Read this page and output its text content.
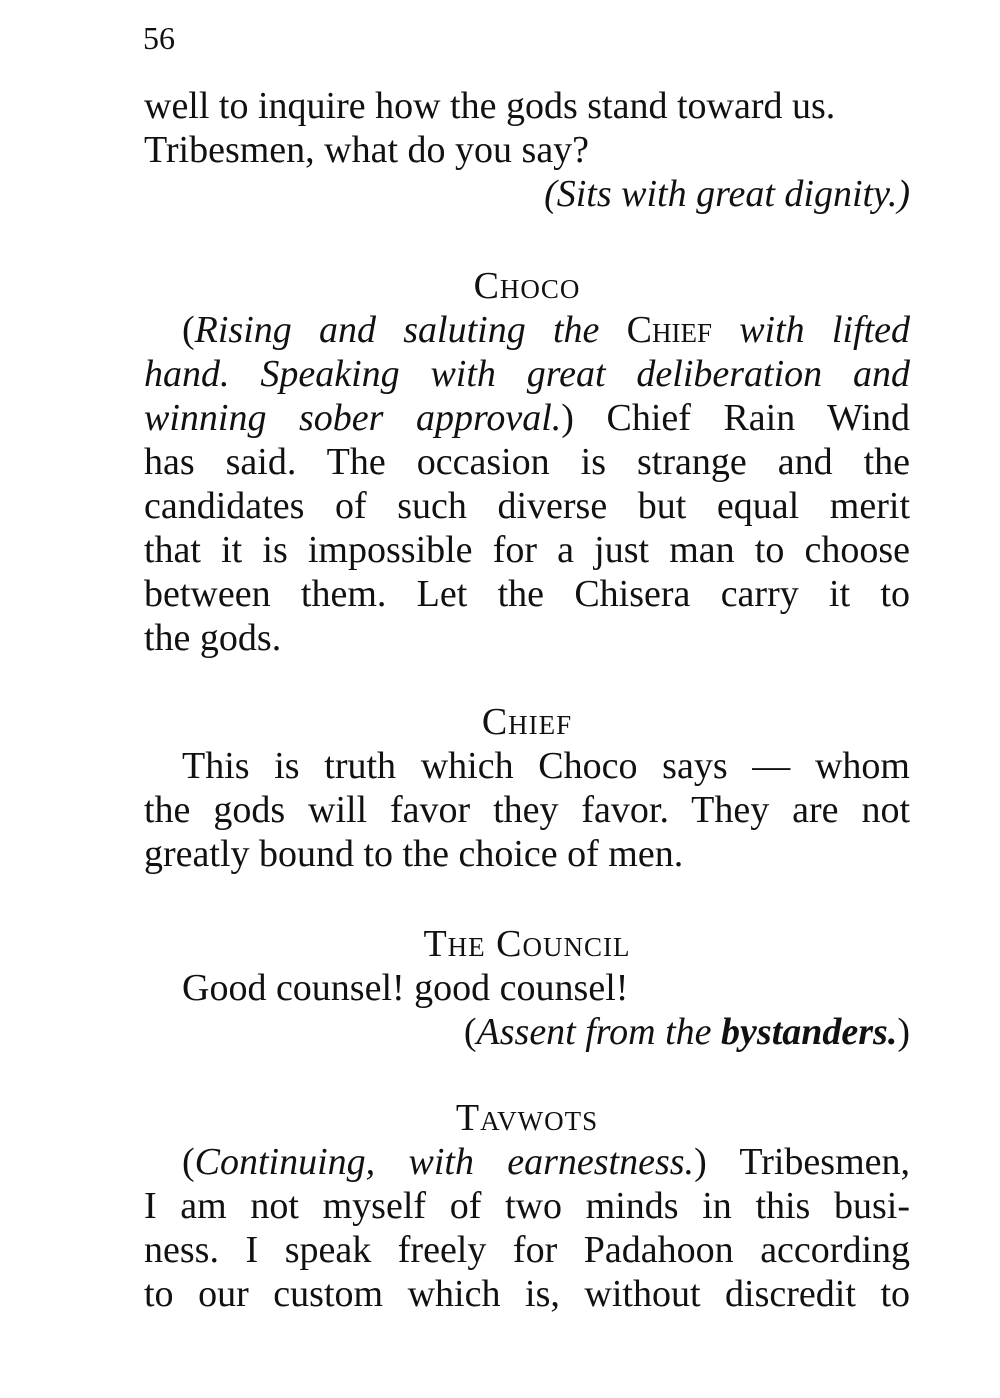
56
well to inquire how the gods stand toward us.
Tribesmen, what do you say?
(Sits with great dignity.)
Choco
(Rising and saluting the Chief with lifted
hand. Speaking with great deliberation and
winning sober approval.) Chief Rain Wind
has said. The occasion is strange and the
candidates of such diverse but equal merit
that it is impossible for a just man to choose
between them. Let the Chisera carry it to
the gods.
Chief
This is truth which Choco says — whom
the gods will favor they favor. They are not
greatly bound to the choice of men.
The Council
Good counsel! good counsel!
(Assent from the bystanders.)
Tavwots
(Continuing, with earnestness.) Tribesmen,
I am not myself of two minds in this busi-
ness. I speak freely for Padahoon according
to our custom which is, without discredit to
